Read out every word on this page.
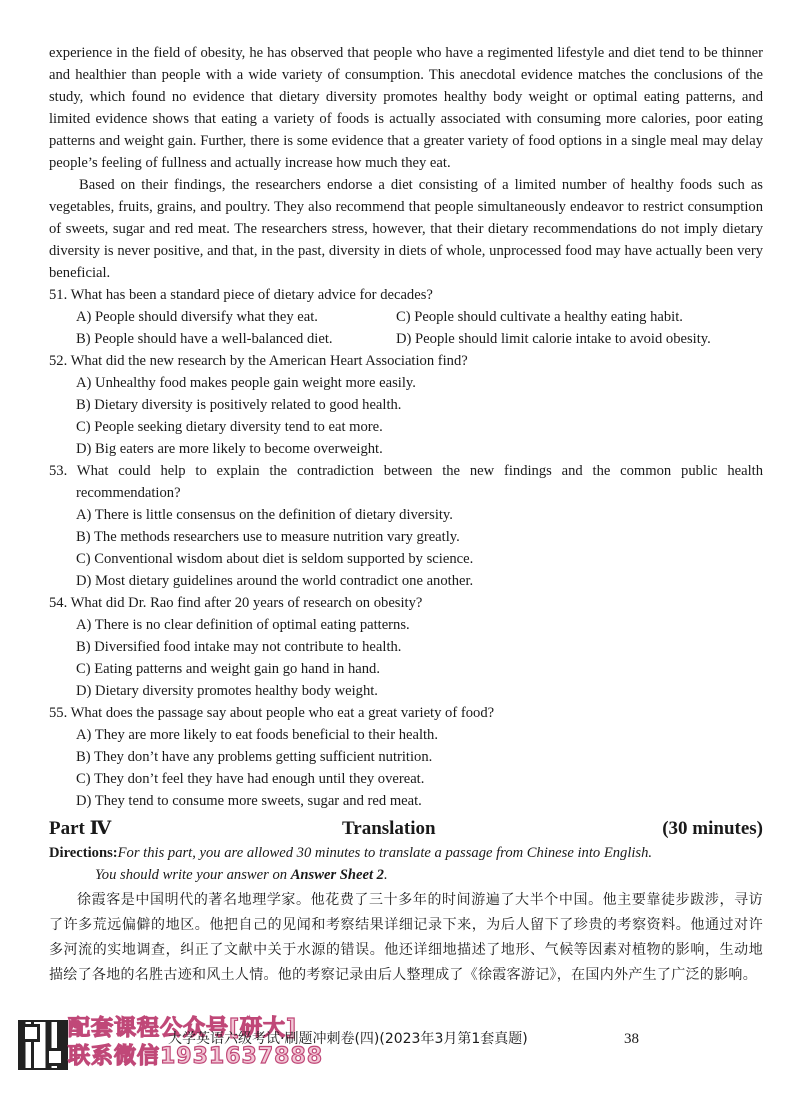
experience in the field of obesity, he has observed that people who have a regimented lifestyle and diet tend to be thinner and healthier than people with a wide variety of consumption. This anecdotal evidence matches the conclusions of the study, which found no evidence that dietary diversity promotes healthy body weight or optimal eating patterns, and limited evidence shows that eating a variety of foods is actually associated with consuming more calories, poor eating patterns and weight gain. Further, there is some evidence that a greater variety of food options in a single meal may delay people’s feeling of fullness and actually increase how much they eat.

Based on their findings, the researchers endorse a diet consisting of a limited number of healthy foods such as vegetables, fruits, grains, and poultry. They also recommend that people simultaneously endeavor to restrict consumption of sweets, sugar and red meat. The researchers stress, however, that their dietary recommendations do not imply dietary diversity is never positive, and that, in the past, diversity in diets of whole, unprocessed food may have actually been very beneficial.

51. What has been a standard piece of dietary advice for decades?
A) People should diversify what they eat.	C) People should cultivate a healthy eating habit.
B) People should have a well-balanced diet.	D) People should limit calorie intake to avoid obesity.
52. What did the new research by the American Heart Association find?
A) Unhealthy food makes people gain weight more easily.
B) Dietary diversity is positively related to good health.
C) People seeking dietary diversity tend to eat more.
D) Big eaters are more likely to become overweight.
53. What could help to explain the contradiction between the new findings and the common public health recommendation?
A) There is little consensus on the definition of dietary diversity.
B) The methods researchers use to measure nutrition vary greatly.
C) Conventional wisdom about diet is seldom supported by science.
D) Most dietary guidelines around the world contradict one another.
54. What did Dr. Rao find after 20 years of research on obesity?
A) There is no clear definition of optimal eating patterns.
B) Diversified food intake may not contribute to health.
C) Eating patterns and weight gain go hand in hand.
D) Dietary diversity promotes healthy body weight.
55. What does the passage say about people who eat a great variety of food?
A) They are more likely to eat foods beneficial to their health.
B) They don’t have any problems getting sufficient nutrition.
C) They don’t feel they have had enough until they overeat.
D) They tend to consume more sweets, sugar and red meat.
Part Ⅳ	Translation	(30 minutes)
Directions:For this part, you are allowed 30 minutes to translate a passage from Chinese into English.
You should write your answer on Answer Sheet 2.

徐霞客是中国明代的著名地理学家。他花费了三十多年的时间游遍了大半个中国。他主要靠徒步跋涉，寻访了许多荒远偏僻的地区。他把自己的见闻和考察结果详细记录下来，为后人留下了珍贵的考察资料。他通过对许多河流的实地调查，纠正了文献中关于水源的错误。他还详细地描述了地形、气候等因素对植物的影响，生动地描绘了各地的名胜古迹和风土人情。他的考察记录由后人整理成了《徐霞客游记》，在国内外产生了广泛的影响。

配套课程公众号[研大]
联系微信1931637888
大学英语六级考试·刷题冲刺卷(四)(2023年3月第1套真题)	38
